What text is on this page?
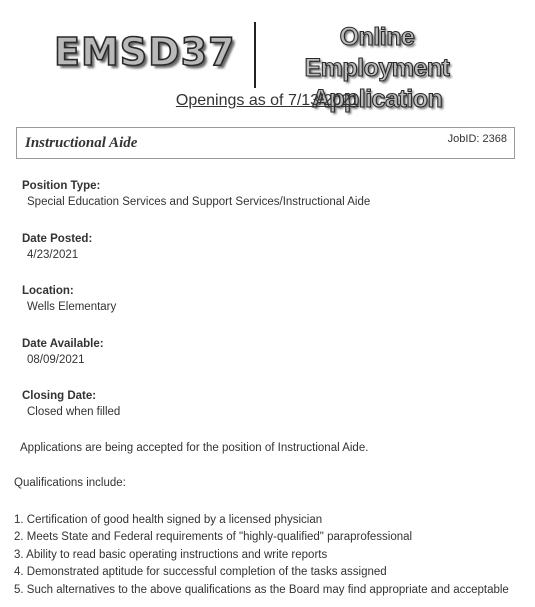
EMSD37	Online Employment
Application
Openings as of 7/13/2021
Instructional Aide	JobID: 2368
Position Type:
Special Education Services and Support Services/Instructional Aide
Date Posted:
4/23/2021
Location:
Wells Elementary
Date Available:
08/09/2021
Closing Date:
Closed when filled
Applications are being accepted for the position of Instructional Aide.
Qualifications include:
1. Certification of good health signed by a licensed physician
2. Meets State and Federal requirements of "highly-qualified" paraprofessional
3. Ability to read basic operating instructions and write reports
4. Demonstrated aptitude for successful completion of the tasks assigned
5. Such alternatives to the above qualifications as the Board may find appropriate and acceptable
